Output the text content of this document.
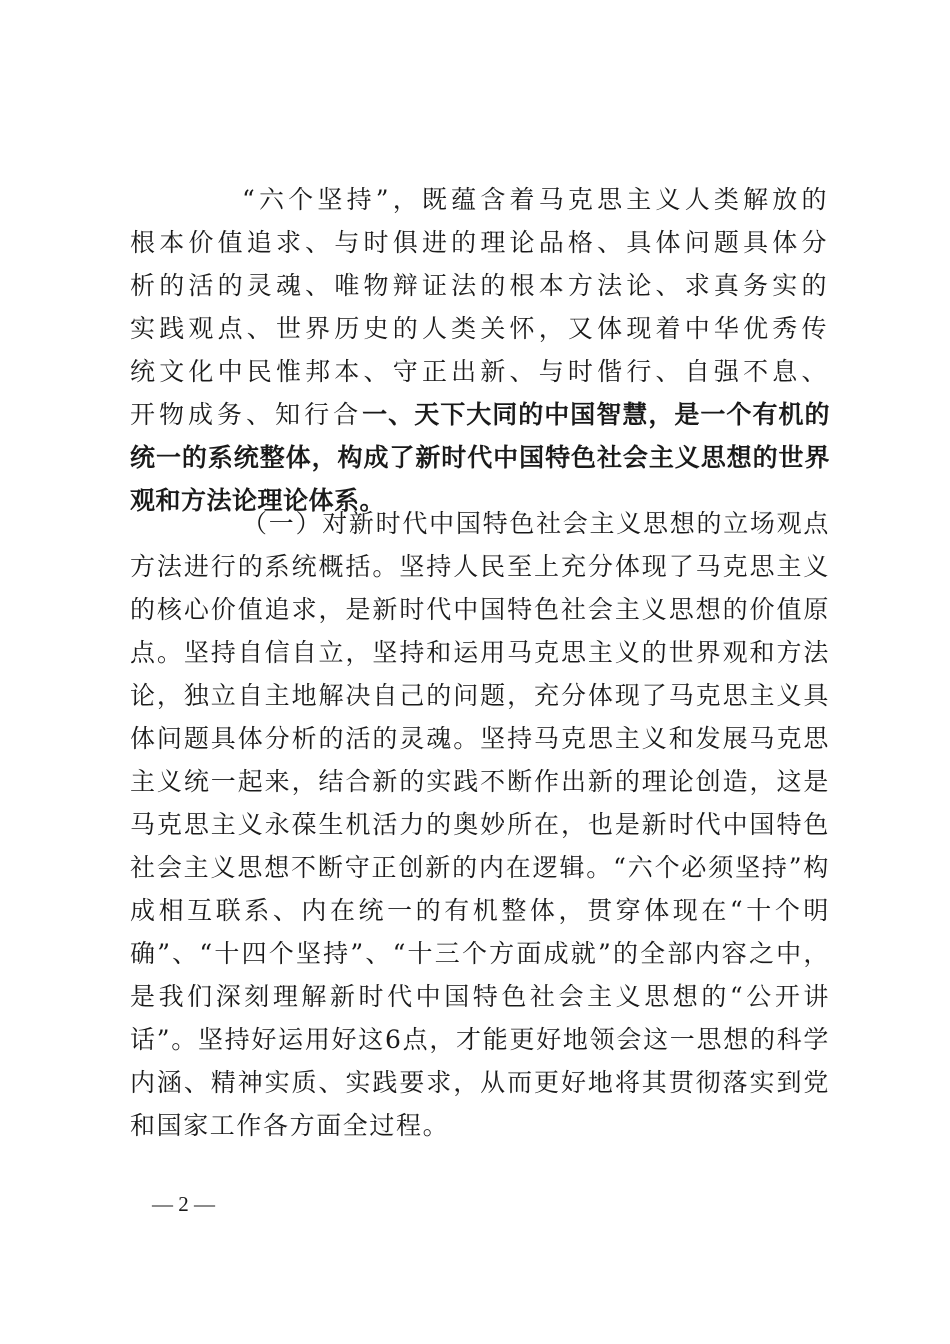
“六个坚持”，既蕴含着马克思主义人类解放的根本价值追求、与时俱进的理论品格、具体问题具体分析的活的灵魂、唯物辩证法的根本方法论、求真务实的实践观点、世界历史的人类关怀，又体现着中华优秀传统文化中民惟邦本、守正出新、与时偕行、自强不息、开物成务、知行合一、天下大同的中国智慧，是一个有机的统一的系统整体，构成了新时代中国特色社会主义思想的世界观和方法论理论体系。

（一）对新时代中国特色社会主义思想的立场观点方法进行的系统概括。坚持人民至上充分体现了马克思主义的核心价值追求，是新时代中国特色社会主义思想的价值原点。坚持自信自立，坚持和运用马克思主义的世界观和方法论，独立自主地解决自己的问题，充分体现了马克思主义具体问题具体分析的活的灵魂。坚持马克思主义和发展马克思主义统一起来，结合新的实践不断作出新的理论创造，这是马克思主义永葆生机活力的奥妙所在，也是新时代中国特色社会主义思想不断守正创新的内在逻辑。“六个必须坚持”构成相互联系、内在统一的有机整体，贯穿体现在“十个明确”、“十四个坚持”、“十三个方面成就”的全部内容之中，是我们深刻理解新时代中国特色社会主义思想的“公开讲话”。坚持好运用好这6点，才能更好地领会这一思想的科学内涵、精神实质、实践要求，从而更好地将其贯彻落实到党和国家工作各方面全过程。

— 2 —
